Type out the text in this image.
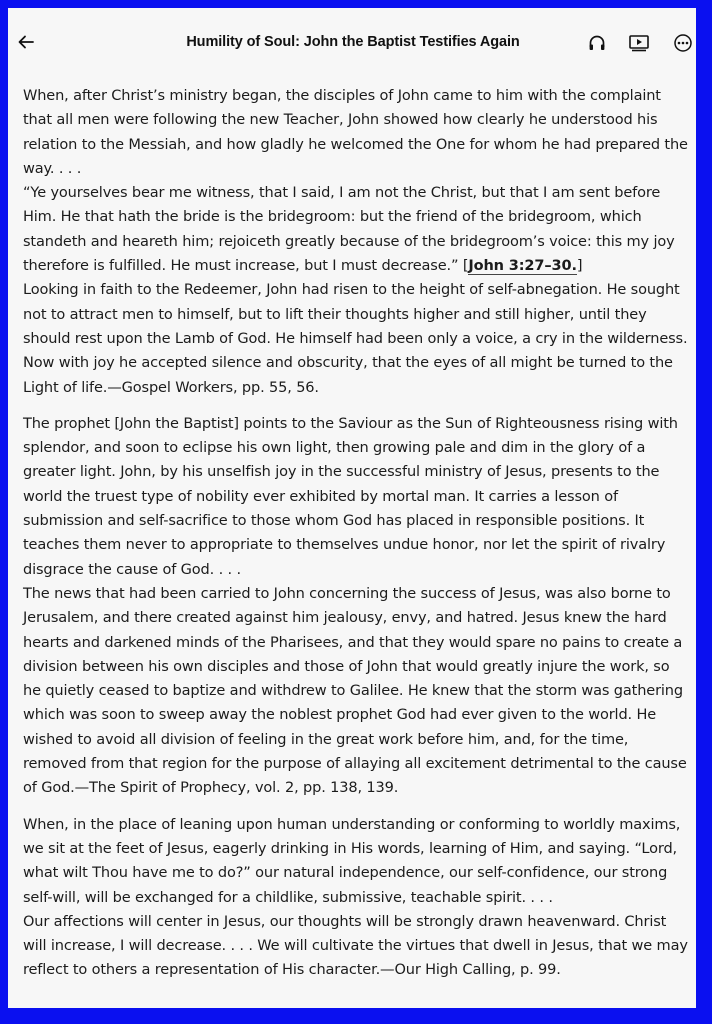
Humility of Soul: John the Baptist Testifies Again

When, after Christ’s ministry began, the disciples of John came to him with the complaint that all men were following the new Teacher, John showed how clearly he understood his relation to the Messiah, and how gladly he welcomed the One for whom he had prepared the way. . . .

“Ye yourselves bear me witness, that I said, I am not the Christ, but that I am sent before Him. He that hath the bride is the bridegroom: but the friend of the bridegroom, which standeth and heareth him; rejoiceth greatly because of the bridegroom’s voice: this my joy therefore is fulfilled. He must increase, but I must decrease.” [John 3:27–30.]

Looking in faith to the Redeemer, John had risen to the height of self-abnegation. He sought not to attract men to himself, but to lift their thoughts higher and still higher, until they should rest upon the Lamb of God. He himself had been only a voice, a cry in the wilderness. Now with joy he accepted silence and obscurity, that the eyes of all might be turned to the Light of life.—Gospel Workers, pp. 55, 56.

The prophet [John the Baptist] points to the Saviour as the Sun of Righteousness rising with splendor, and soon to eclipse his own light, then growing pale and dim in the glory of a greater light. John, by his unselfish joy in the successful ministry of Jesus, presents to the world the truest type of nobility ever exhibited by mortal man. It carries a lesson of submission and self-sacrifice to those whom God has placed in responsible positions. It teaches them never to appropriate to themselves undue honor, nor let the spirit of rivalry disgrace the cause of God. . . .

The news that had been carried to John concerning the success of Jesus, was also borne to Jerusalem, and there created against him jealousy, envy, and hatred. Jesus knew the hard hearts and darkened minds of the Pharisees, and that they would spare no pains to create a division between his own disciples and those of John that would greatly injure the work, so he quietly ceased to baptize and withdrew to Galilee. He knew that the storm was gathering which was soon to sweep away the noblest prophet God had ever given to the world. He wished to avoid all division of feeling in the great work before him, and, for the time, removed from that region for the purpose of allaying all excitement detrimental to the cause of God.—The Spirit of Prophecy, vol. 2, pp. 138, 139.

When, in the place of leaning upon human understanding or conforming to worldly maxims, we sit at the feet of Jesus, eagerly drinking in His words, learning of Him, and saying. “Lord, what wilt Thou have me to do?” our natural independence, our self-confidence, our strong self-will, will be exchanged for a childlike, submissive, teachable spirit. . . .

Our affections will center in Jesus, our thoughts will be strongly drawn heavenward. Christ will increase, I will decrease. . . . We will cultivate the virtues that dwell in Jesus, that we may reflect to others a representation of His character.—Our High Calling, p. 99.
